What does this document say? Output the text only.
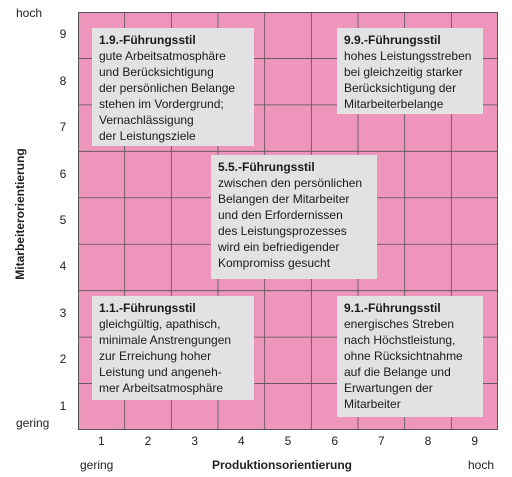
hoch
gering
Mitarbeiterorientierung
1
2
3
4
5
6
7
8
9
1	2	3	4	5	6	7	8	9
gering	Produktionsorientierung	hoch
1.9.-Führungsstil
gute Arbeitsatmosphäre
und Berücksichtigung
der persönlichen Belange
stehen im Vordergrund;
Vernachlässigung
der Leistungsziele
9.9.-Führungsstil
hohes Leistungsstreben
bei gleichzeitig starker
Berücksichtigung der
Mitarbeiterbelange
5.5.-Führungsstil
zwischen den persönlichen
Belangen der Mitarbeiter
und den Erfordernissen
des Leistungsprozesses
wird ein befriedigender
Kompromiss gesucht
1.1.-Führungsstil
gleichgültig, apathisch,
minimale Anstrengungen
zur Erreichung hoher
Leistung und angeneh-
mer Arbeitsatmosphäre
9.1.-Führungsstil
energisches Streben
nach Höchstleistung,
ohne Rücksichtnahme
auf die Belange und
Erwartungen der
Mitarbeiter
